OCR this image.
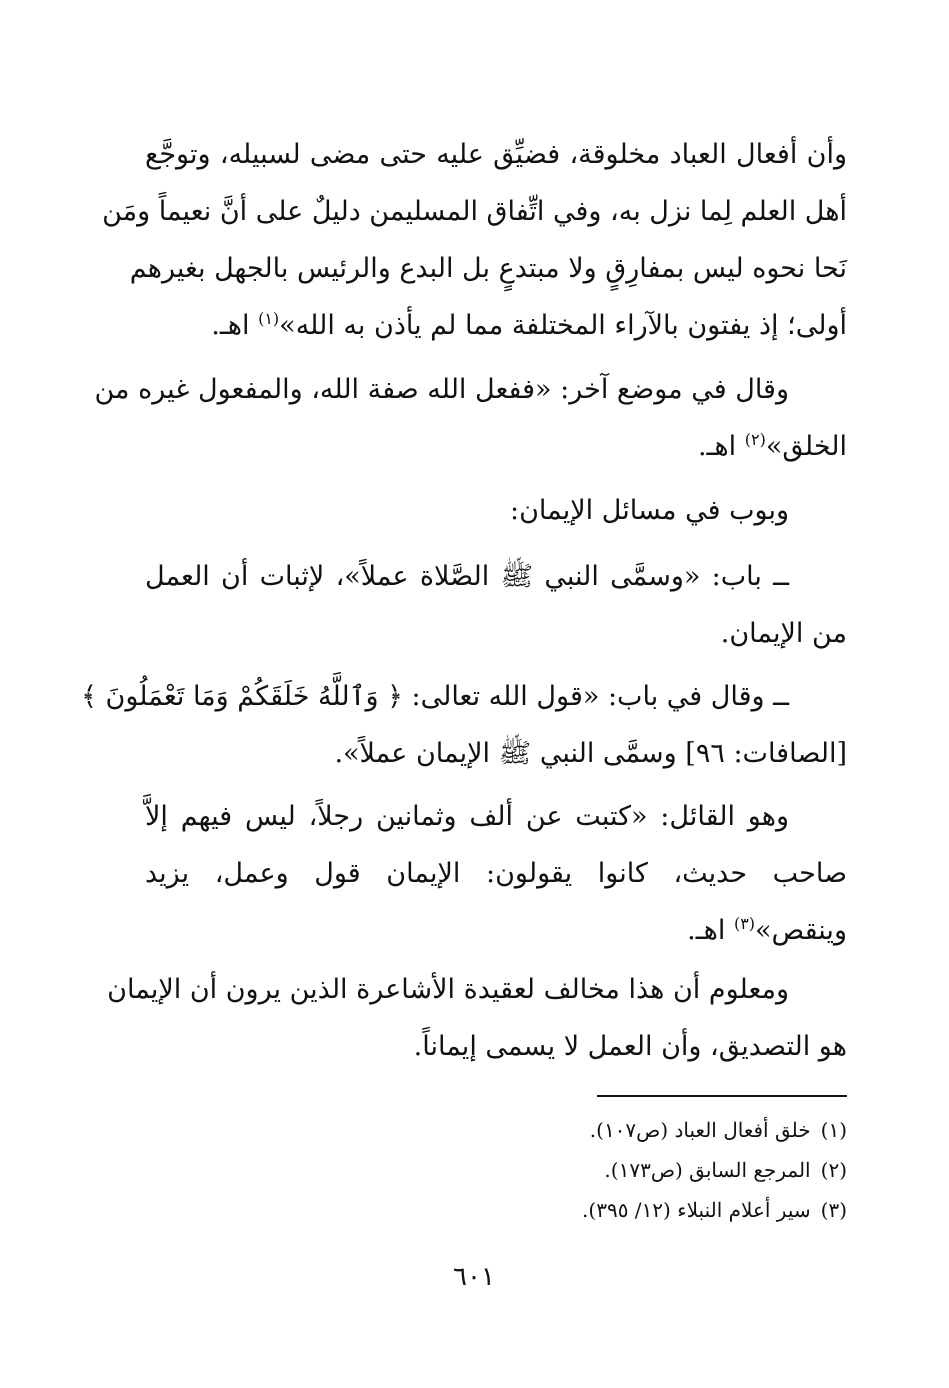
وأن أفعال العباد مخلوقة، فضيِّق عليه حتى مضى لسبيله، وتوجَّع
أهل العلم لِما نزل به، وفي اتِّفاق المسليمن دليلٌ على أنَّ نعيماً ومَن
نَحا نحوه ليس بمفارِقٍ ولا مبتدعٍ بل البدع والرئيس بالجهل بغيرهم
أولى؛ إذ يفتون بالآراء المختلفة مما لم يأذن به الله»$^{(١)}$ اهـ.
وقال في موضع آخر: «ففعل الله صفة الله، والمفعول غيره من
الخلق»$^{(٢)}$ اهـ.
وبوب في مسائل الإيمان:
ــ باب: «وسمَّى النبي ﷺ الصَّلاة عملاً»، لإثبات أن العمل
من الإيمان.
ــ وقال في باب: «قول الله تعالى: ﴿ وَٱللَّهُ خَلَقَكُمْ وَمَا تَعْمَلُونَ ﴾
[الصافات: ٩٦] وسمَّى النبي ﷺ الإيمان عملاً».
وهو القائل: «كتبت عن ألف وثمانين رجلاً، ليس فيهم إلاَّ
صاحب حديث، كانوا يقولون: الإيمان قول وعمل، يزيد
وينقص»$^{(٣)}$ اهـ.
ومعلوم أن هذا مخالف لعقيدة الأشاعرة الذين يرون أن الإيمان
هو التصديق، وأن العمل لا يسمى إيماناً.
(١)خلق أفعال العباد (ص١٠٧).
(٢)المرجع السابق (ص١٧٣).
(٣)سير أعلام النبلاء (١٢/ ٣٩٥).
٦٠١
